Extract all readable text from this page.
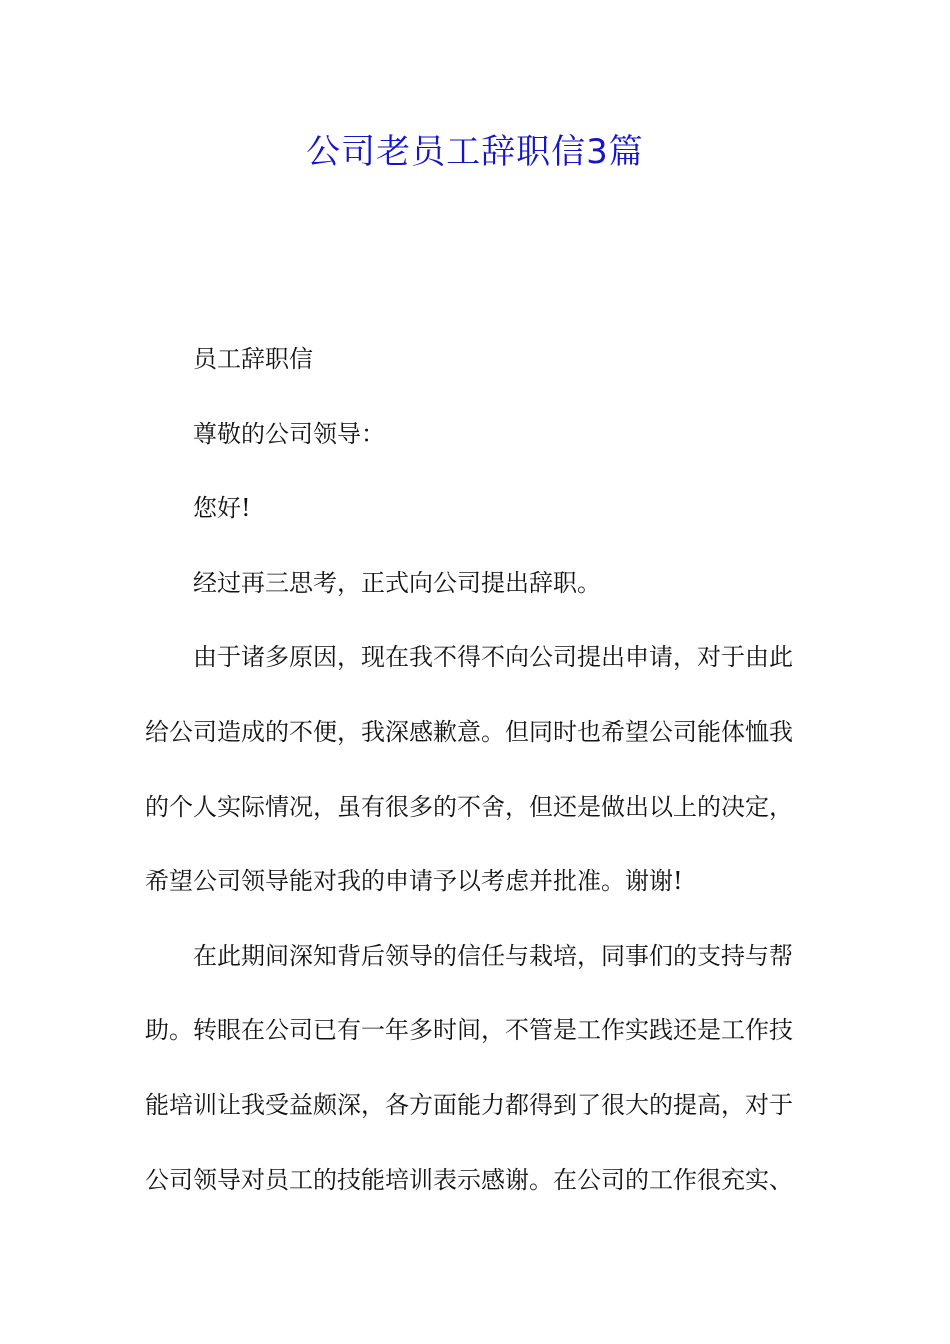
公司老员工辞职信3篇
员工辞职信
尊敬的公司领导：
您好!
经过再三思考，正式向公司提出辞职。
由于诸多原因，现在我不得不向公司提出申请，对于由此
给公司造成的不便，我深感歉意。但同时也希望公司能体恤我
的个人实际情况，虽有很多的不舍，但还是做出以上的决定，
希望公司领导能对我的申请予以考虑并批准。谢谢!
在此期间深知背后领导的信任与栽培，同事们的支持与帮
助。转眼在公司已有一年多时间，不管是工作实践还是工作技
能培训让我受益颇深，各方面能力都得到了很大的提高，对于
公司领导对员工的技能培训表示感谢。在公司的工作很充实、
